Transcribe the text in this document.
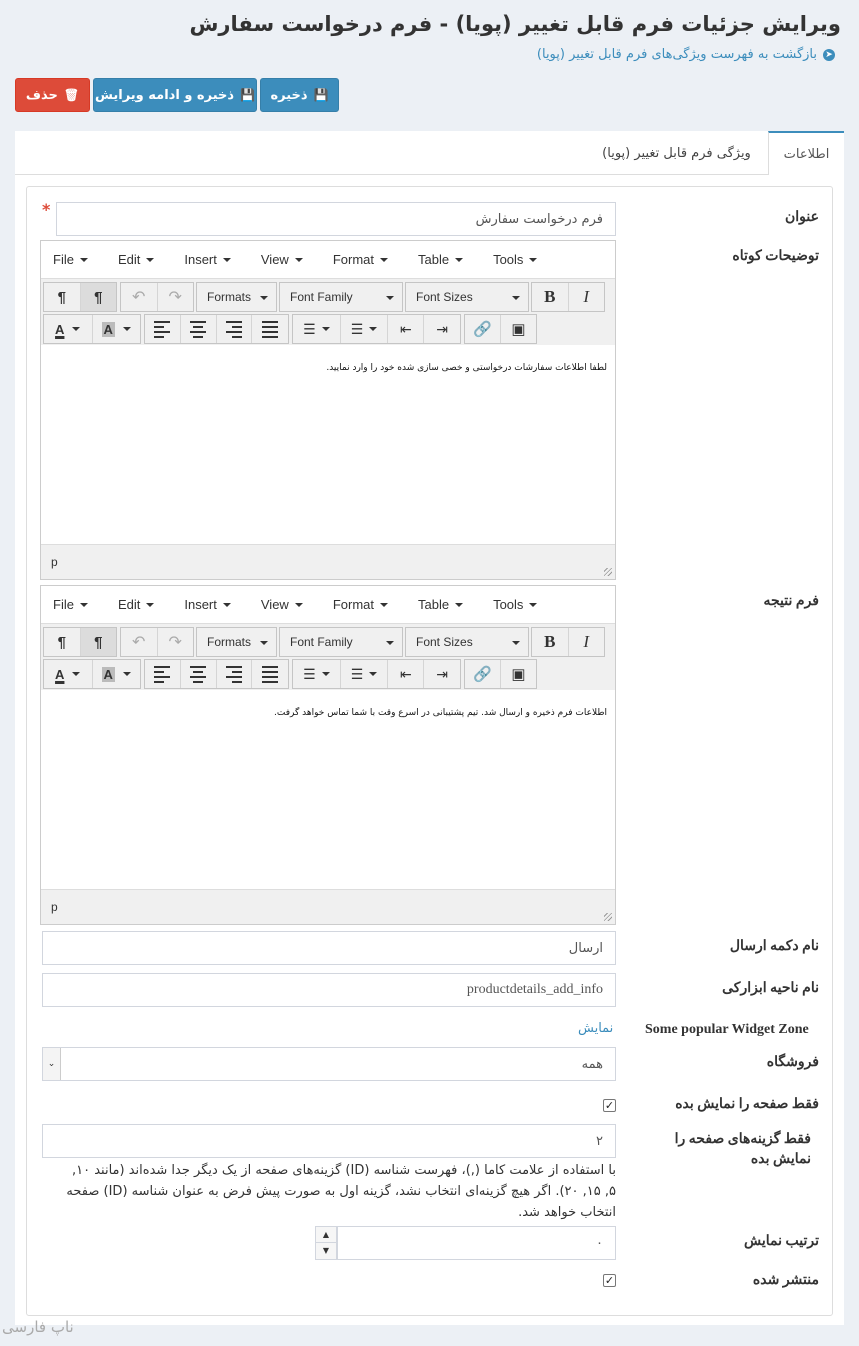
ویرایش جزئیات فرم قابل تغییر (پویا) - فرم درخواست سفارش
➤
بازگشت به فهرست ویژگی‌های فرم قابل تغییر (پویا)
💾
ذخیره
💾
ذخیره و ادامه ویرایش
🗑
حذف
اطلاعات
ویژگی فرم قابل تغییر (پویا)
عنوان
*	فرم درخواست سفارش
توضیحات کوتاه
File	Edit	Insert	View	Format	Table	Tools
¶	¶	↶	↷	Formats	Font Family	Font Sizes	B	I
A	A	☰	☰	⇤	⇥	🔗	▣
لطفا اطلاعات سفارشات درخواستی و خصی سازی شده خود را وارد نمایید.
p
فرم نتیجه
File	Edit	Insert	View	Format	Table	Tools
¶	¶	↶	↷	Formats	Font Family	Font Sizes	B	I
A	A	☰	☰	⇤	⇥	🔗	▣
اطلاعات فرم ذخیره و ارسال شد. تیم پشتیبانی در اسرع وقت با شما تماس خواهد گرفت.
p
نام دکمه ارسال
ارسال
نام ناحیه ابزارکی
productdetails_add_info
Some popular Widget Zone
نمایش
فروشگاه
همه
⌄
فقط صفحه را نمایش بده
✓
فقط گزینه‌های صفحه را نمایش بده
۲
با استفاده از علامت کاما (,)، فهرست شناسه (ID) گزینه‌های صفحه از یک دیگر جدا شده‌اند (مانند ۱۰, ۵, ۱۵, ۲۰). اگر هیچ گزینه‌ای انتخاب نشد، گزینه اول به صورت پیش فرض به عنوان شناسه (ID) صفحه انتخاب خواهد شد.
ترتیب نمایش
۰
▲
▼
منتشر شده
✓
ناپ فارسی
